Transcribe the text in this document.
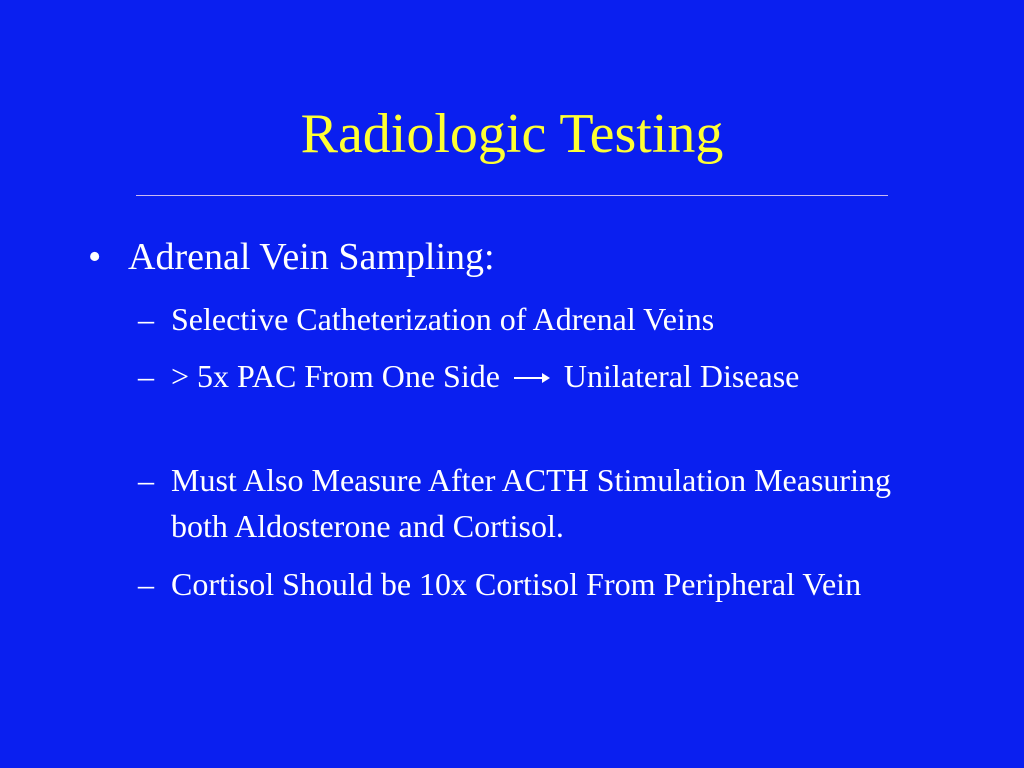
Radiologic Testing
• Adrenal Vein Sampling:
– Selective Catheterization of Adrenal Veins
– > 5x PAC From One Side Unilateral Disease
– Must Also Measure After ACTH Stimulation Measuring both Aldosterone and Cortisol.
– Cortisol Should be 10x Cortisol From Peripheral Vein
